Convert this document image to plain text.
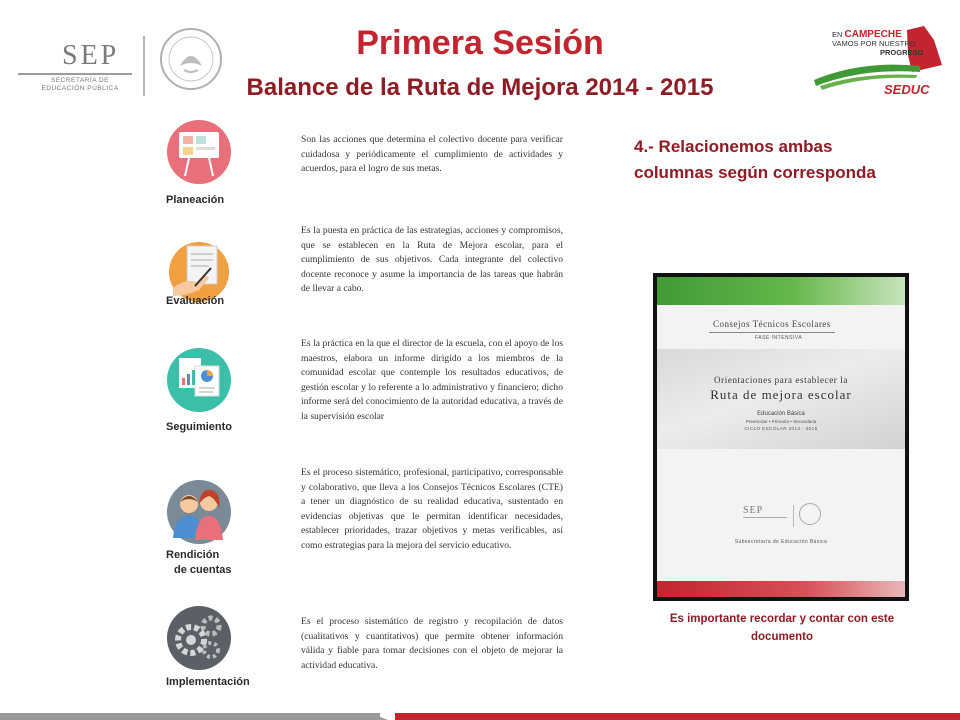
SEP
SECRETARÍA DE
EDUCACIÓN PÚBLICA
Primera Sesión
Balance de la Ruta de Mejora 2014 - 2015
EN CAMPECHE
VAMOS POR NUESTRO
PROGRESO
SEDUC
Planeación
Evaluación
Seguimiento
Rendición
de cuentas
Implementación
Son las acciones que determina el colectivo docente para verificar cuidadosa y periódicamente el cumplimiento de actividades y acuerdos, para el logro de sus metas.
Es la puesta en práctica de las estrategias, acciones y compromisos, que se establecen en la Ruta de Mejora escolar, para el cumplimiento de sus objetivos. Cada integrante del colectivo docente reconoce y asume la importancia de las tareas que habrán de llevar a cabo.
Es la práctica en la que el director de la escuela, con el apoyo de los maestros, elabora un informe dirigido a los miembros de la comunidad escolar que contemple los resultados educativos, de gestión escolar y lo referente a lo administrativo y financiero; dicho informe será del conocimiento de la autoridad educativa, a través de la supervisión escolar
Es el proceso sistemático, profesional, participativo, corresponsable y colaborativo, que lleva a los Consejos Técnicos Escolares (CTE) a tener un diagnóstico de su realidad educativa, sustentado en evidencias objetivas que le permitan identificar necesidades, establecer prioridades, trazar objetivos y metas verificables, así como estrategias para la mejora del servicio educativo.
Es el proceso sistemático de registro y recopilación de datos (cualitativos y cuantitativos) que permite obtener información válida y fiable para tomar decisiones con el objeto de mejorar la actividad educativa.
4.- Relacionemos ambas columnas según corresponda
Consejos Técnicos Escolares
FASE INTENSIVA
Orientaciones para establecer la
Ruta de mejora escolar
Educación Básica
Preescolar • Primaria • Secundaria
CICLO ESCOLAR 2014 - 2015
SEP
Subsecretaría de Educación Básica
Es importante recordar y contar con este documento
